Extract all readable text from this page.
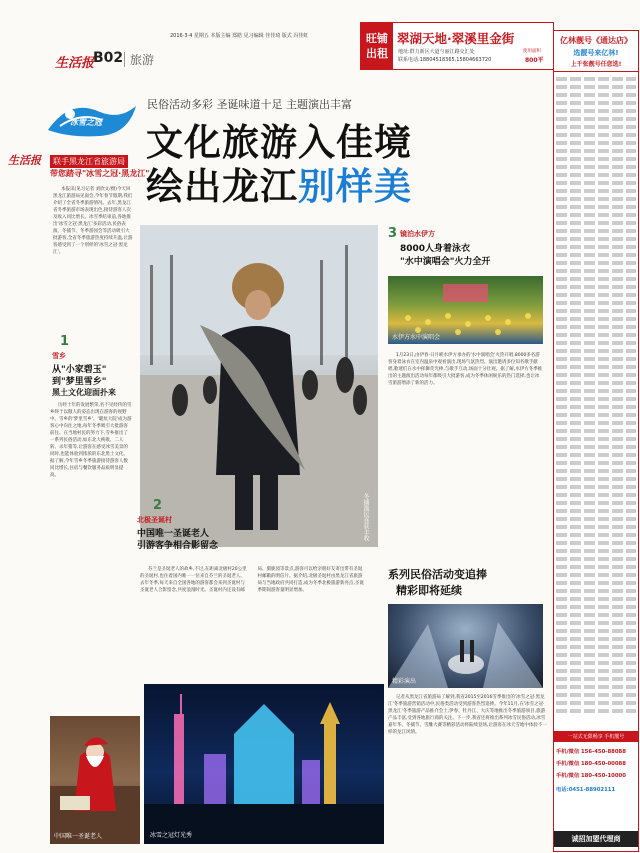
2016·3·4 星期五 本版主编 郑皓 见习编辑 佳佳琦 版式 冯佳虹
生活报
B02 旅游
旺铺
出租
翠湖天地·翠溪里金街
地址:群力新区大道与丽江路交汇处
联系电话:18804518365,15804663720
使用面积
800平
亿林靓号《通达店》
选靓号来亿林!
上千张靓号任您选!
一站式无限畅享 手机靓号
手机/微信 156-450-88088
手机/微信 180-450-00088
手机/微信 180-450-10000
电话:0451-88902111
诚招加盟代理商
民俗活动多彩 圣诞味道十足 主题演出丰富
文化旅游入佳境
绘出龙江别样美
冰雪之冠
生活报	联手黑龙江省旅游局
带您踏寻"冰雪之冠·黑龙江"
本报讯(见习记者 刘欣文/摄)今天回黑龙江旅游局见面会,今年春节假期,我们介绍了全省冬季旅游情况。去年,黑龙江省冬季旅游市场表现出色,接待游客人次及收入同比增长。冰雪季结束前,各地推出'冰雪之冠·黑龙江'多彩活动,民俗表演、冬捕节、冬季游园会等活动吸引大批游客,全省冬季旅游热度持续升温,让游客感受到了一个别样的'冰雪之冠·黑龙江'。
1
雪乡
从"小家碧玉"
到"梦里雪乡"
黑土文化迎面扑来
历经十年的发展繁荣,名不见经传的雪乡终于以傲人的姿态出现在游客的视野中。雪乡的'梦里雪乡'、'暖炕大院'成为游客心中向往之地,每年冬季吸引大批游客前往。在当地村民的努力下,雪乡推出了一系列民俗活动,如东北大秧歌、二人转、杀年猪等,让游客在感受冰雪美景的同时,也能体验到浓浓的东北黑土文化。据了解,今年雪乡冬季旅游接待游客人数同比增长,住宿与餐饮服务品质明显提高。
冬捕渔民喜获丰收
2
北极圣诞村
中国唯一圣诞老人
引游客争相合影留念
芬兰是圣诞老人的故乡,不过,在距离北极村20公里的圣诞村,也住着国内唯一一位来自芬兰的圣诞老人。去年冬季,每天来自全国各地的游客都会来到圣诞村与圣诞老人合影留念,共度浪漫时光。圣诞村内还设有邮局、驯鹿园等景点,游客可以给亲朋好友寄出带有圣诞村邮戳的明信片。据介绍,北极圣诞村由黑龙江省旅游局与当地政府共同打造,成为冬季北极旅游新亮点,圣诞季期间游客量明显增加。
3 镜泊水伊方
8000人身着泳衣
"水中演唱会"火力全开
水伊方水中演唱会
1月23日,由伊春·日月峡水伊方承办的'水中演唱会'火热开唱,8000多名游客身着泳衣在室内温泉中观看演出,现场气氛热烈。演出邀请多位知名歌手献唱,歌迷们在水中挥舞荧光棒,与歌手互动,场面十分壮观。据了解,水伊方冬季推出的主题演出活动每年都吸引大批游客,成为冬季休闲娱乐的热门选择,也让冰雪旅游增添了新的活力。
系列民俗活动变追捧
精彩即将延续
精彩演出
记者从黑龙江省旅游局了解到,我省2015至2016雪季推出的'冰雪之冠·黑龙江'冬季旅游营销活动中,民俗类活动受到游客热烈追捧。今年11月,在'冰雪之冠·黑龙江'冬季旅游产品推介会上,伊春、牡丹江、大庆等地推出冬季旅游项目,旅游产品丰富,受到各地旅行商的关注。下一步,我省还将推出系列冰雪民俗活动,冰雪嘉年华、冬捕节、雪雕大赛等精彩活动将陆续登场,让游客在冰天雪地中体验不一样的龙江风情。
中国唯一圣诞老人	冰雪之冠灯光秀
